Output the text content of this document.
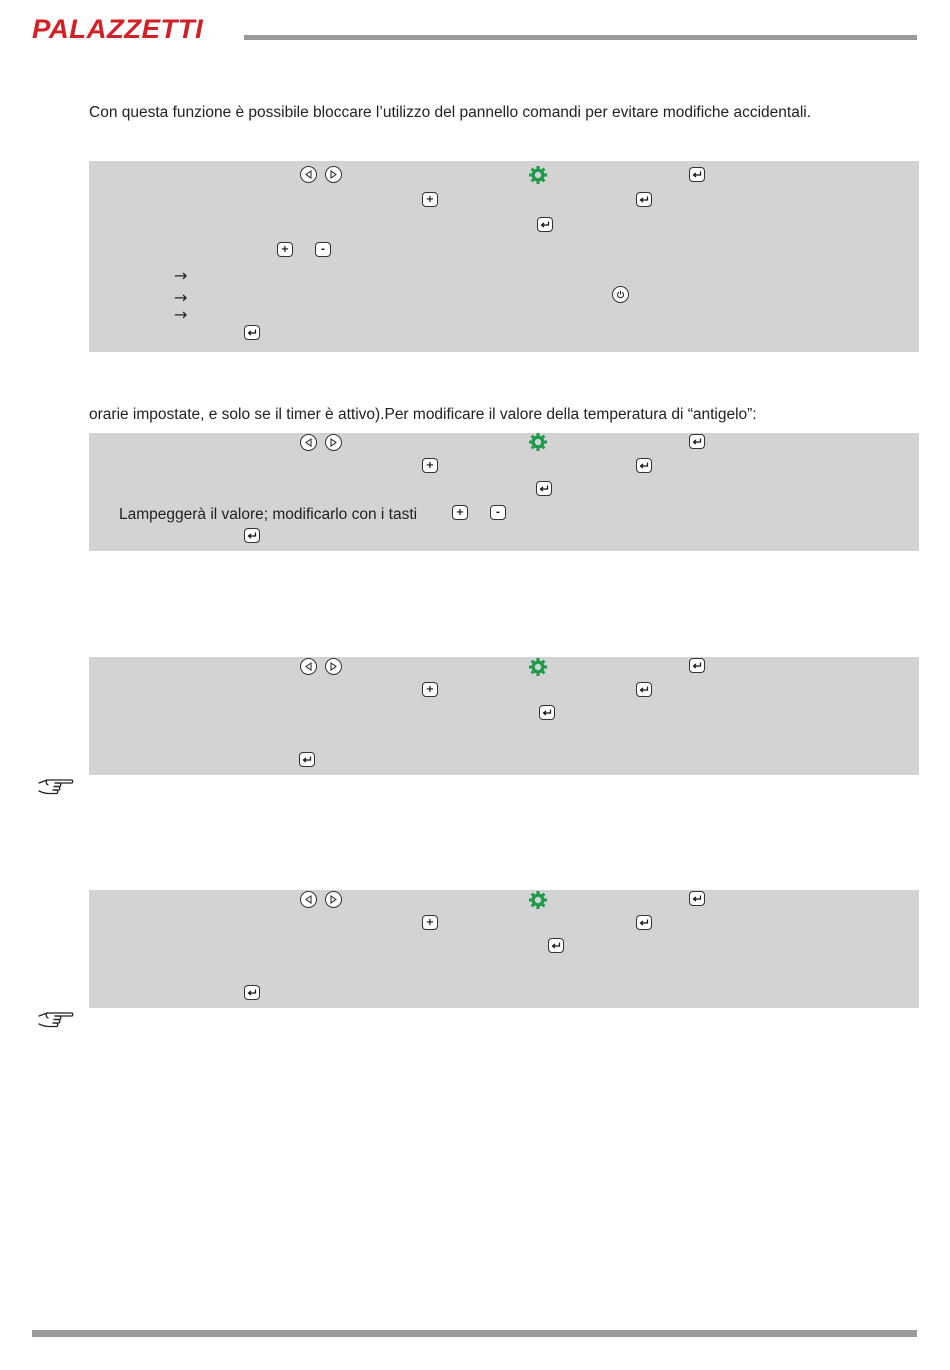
PALAZZETTI
Con questa funzione è possibile bloccare l’utilizzo del pannello comandi per evitare modifiche accidentali.
+
+	-
→
→
→
orarie impostate, e solo se il timer è attivo).Per modificare il valore della temperatura di “antigelo”:
+
Lampeggerà il valore; modificarlo con i tasti	+	-
+
+
